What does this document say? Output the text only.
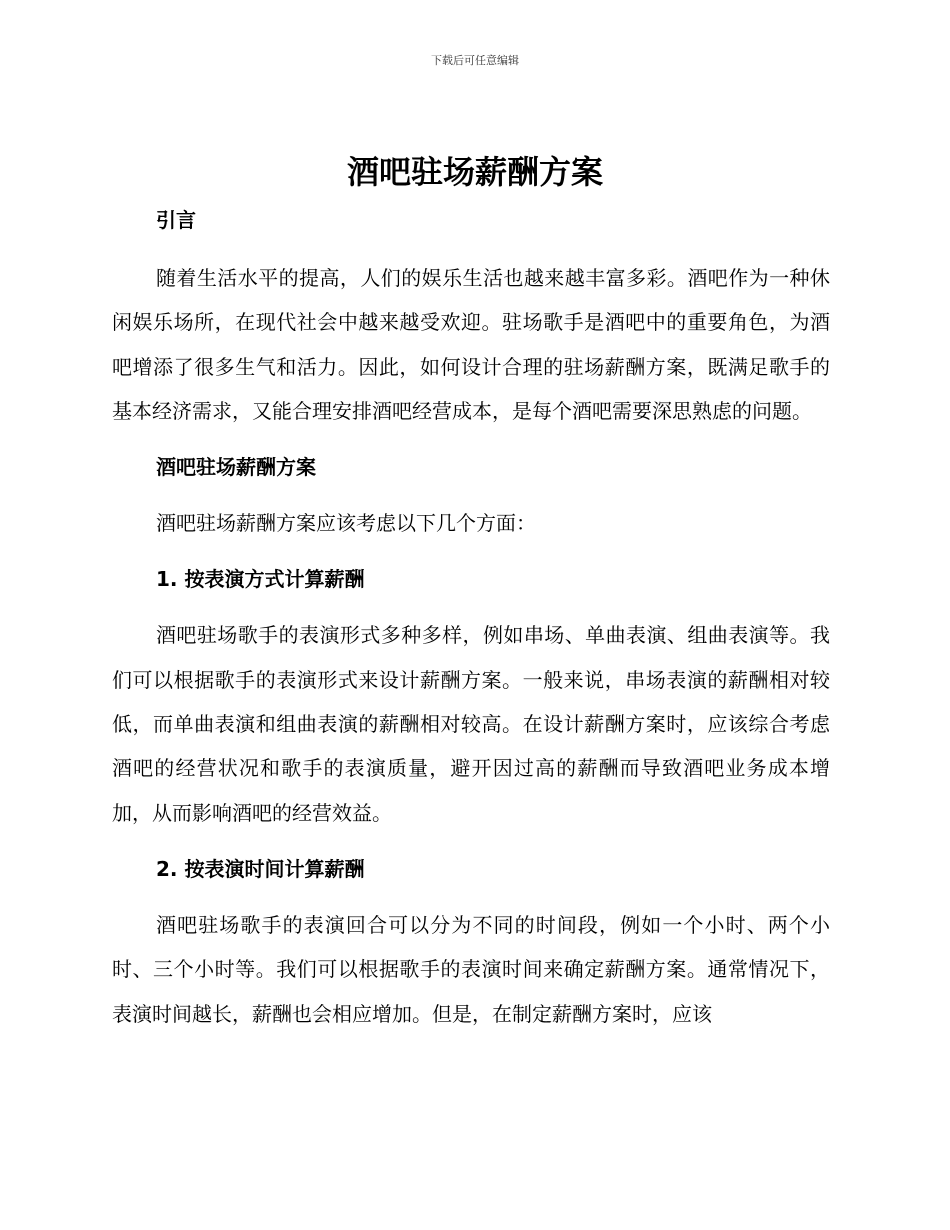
下载后可任意编辑
酒吧驻场薪酬方案
引言

随着生活水平的提高，人们的娱乐生活也越来越丰富多彩。酒吧作为一种休闲娱乐场所，在现代社会中越来越受欢迎。驻场歌手是酒吧中的重要角色，为酒吧增添了很多生气和活力。因此，如何设计合理的驻场薪酬方案，既满足歌手的基本经济需求，又能合理安排酒吧经营成本，是每个酒吧需要深思熟虑的问题。

酒吧驻场薪酬方案

酒吧驻场薪酬方案应该考虑以下几个方面：

1. 按表演方式计算薪酬

酒吧驻场歌手的表演形式多种多样，例如串场、单曲表演、组曲表演等。我们可以根据歌手的表演形式来设计薪酬方案。一般来说，串场表演的薪酬相对较低，而单曲表演和组曲表演的薪酬相对较高。在设计薪酬方案时，应该综合考虑酒吧的经营状况和歌手的表演质量，避开因过高的薪酬而导致酒吧业务成本增加，从而影响酒吧的经营效益。

2. 按表演时间计算薪酬

酒吧驻场歌手的表演回合可以分为不同的时间段，例如一个小时、两个小时、三个小时等。我们可以根据歌手的表演时间来确定薪酬方案。通常情况下，表演时间越长，薪酬也会相应增加。但是，在制定薪酬方案时，应该
